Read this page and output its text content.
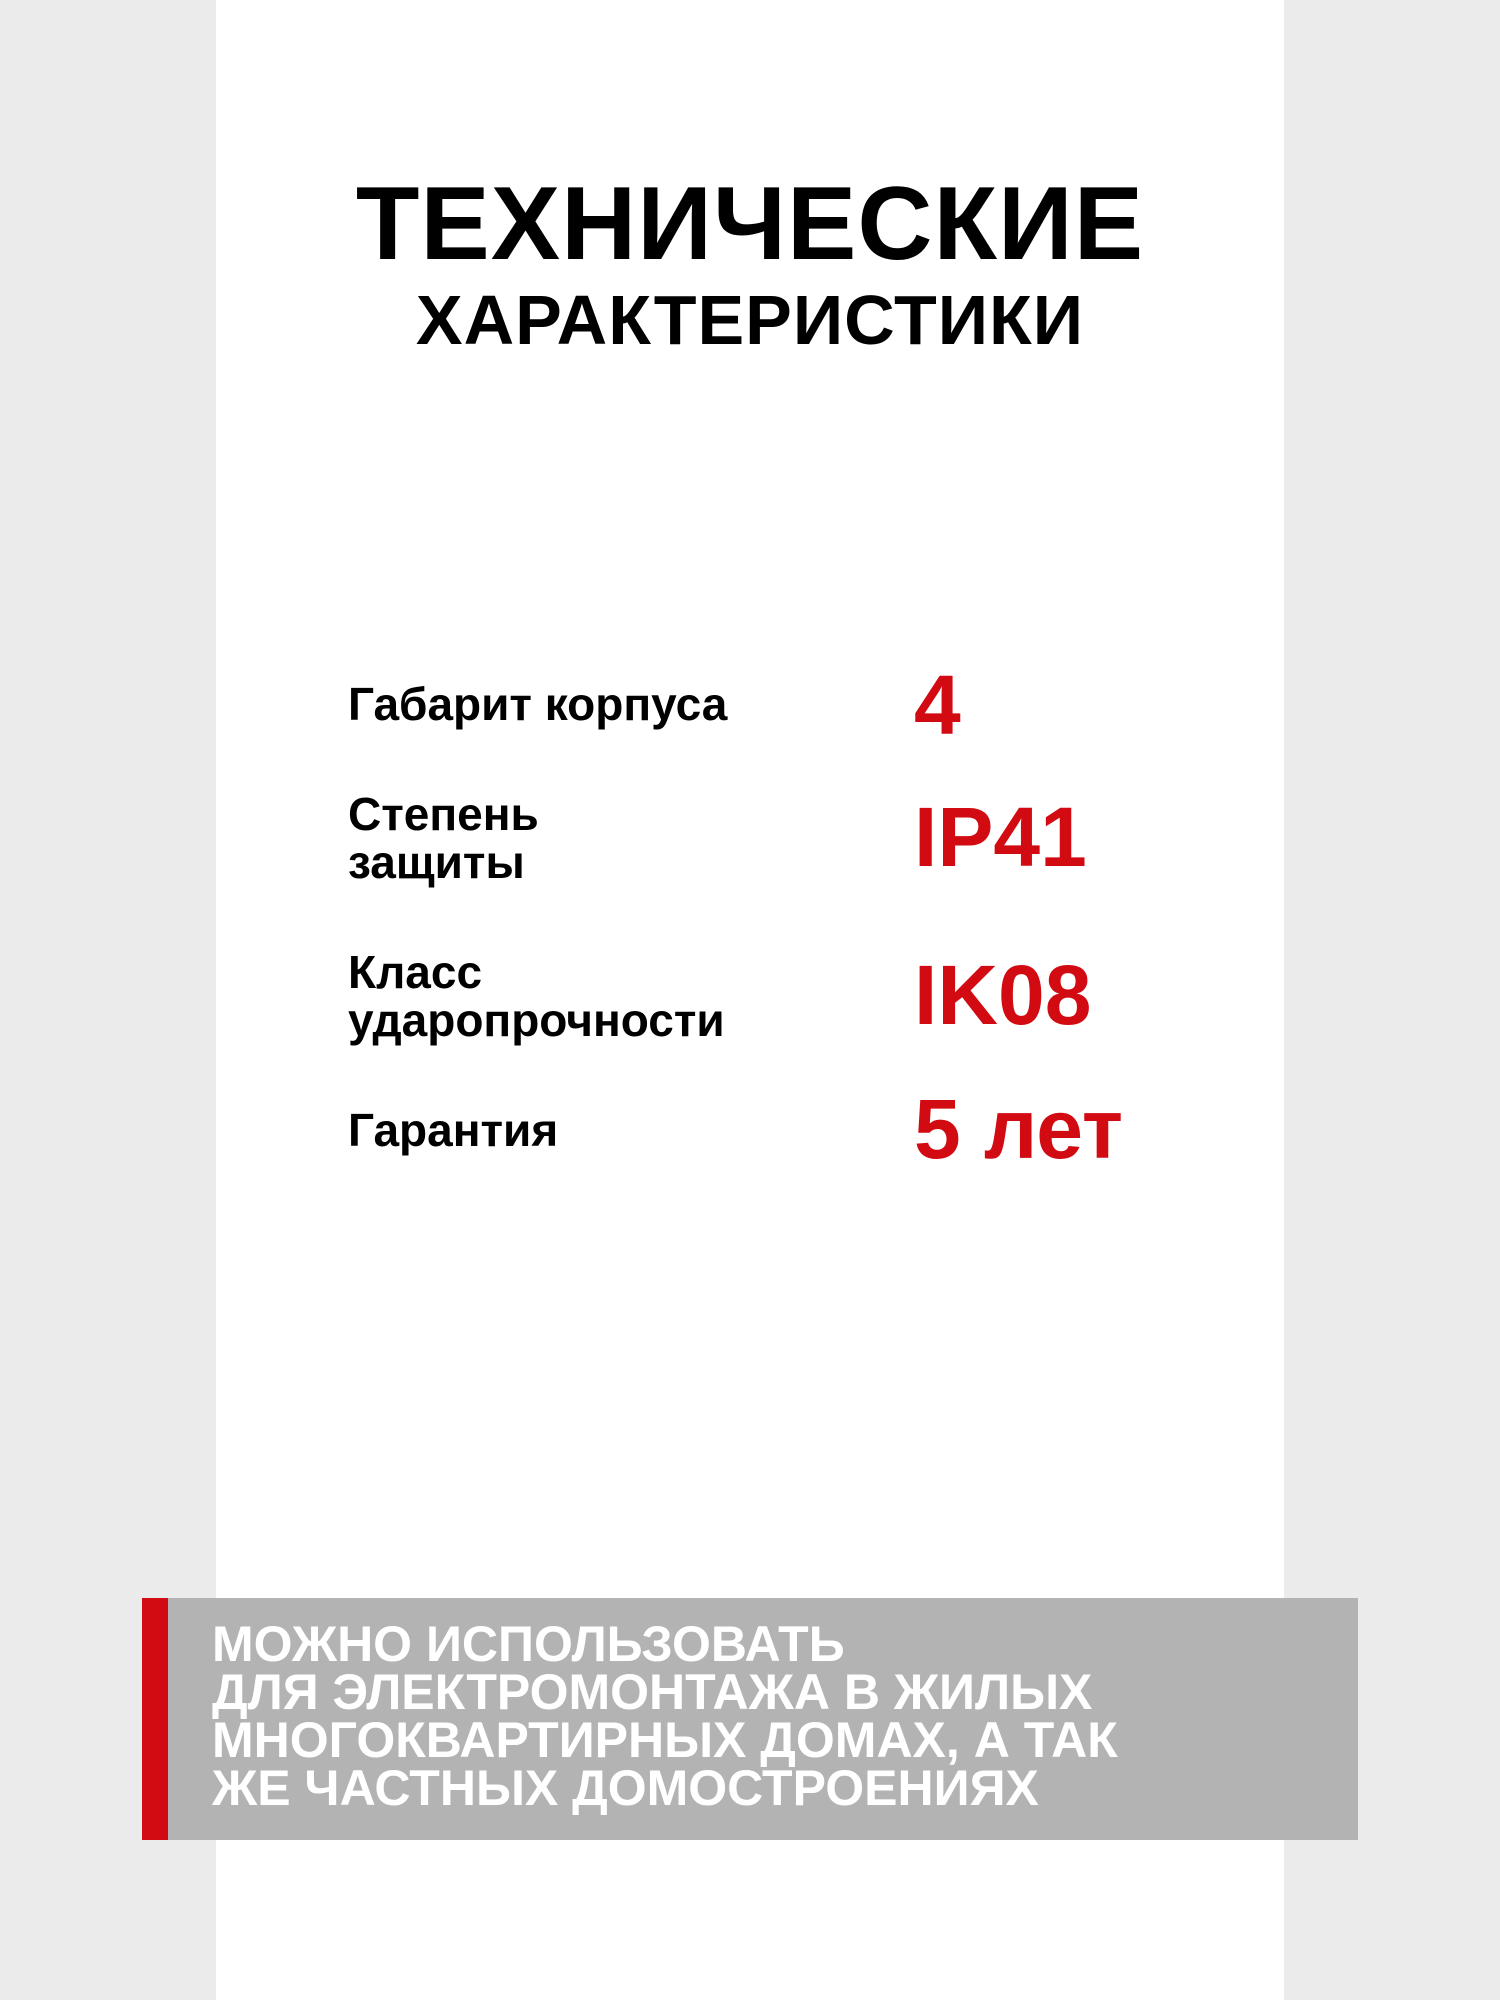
ТЕХНИЧЕСКИЕ
ХАРАКТЕРИСТИКИ
Габарит корпуса	4
Степень
защиты	IP41
Класс
ударопрочности	IK08
Гарантия	5 лет
МОЖНО ИСПОЛЬЗОВАТЬ
ДЛЯ ЭЛЕКТРОМОНТАЖА В ЖИЛЫХ
МНОГОКВАРТИРНЫХ ДОМАХ, А ТАК
ЖЕ ЧАСТНЫХ ДОМОСТРОЕНИЯХ
